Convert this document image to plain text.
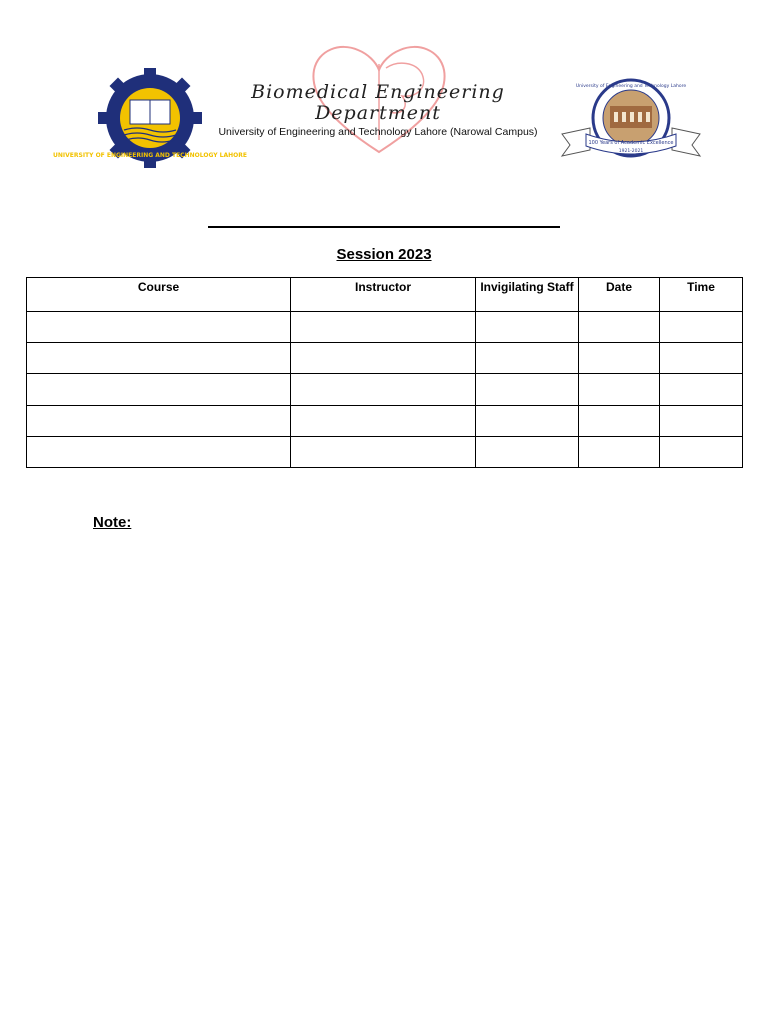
UNIVERSITY OF ENGINEERING AND TECHNOLOGY LAHORE
Biomedical Engineering
Department
University of Engineering and Technology Lahore (Narowal Campus)
100 Years of Academic Excellence
1921-2021
University of Engineering and Technology Lahore
Session 2023
Course	Instructor	Invigilating Staff	Date	Time

Note:
